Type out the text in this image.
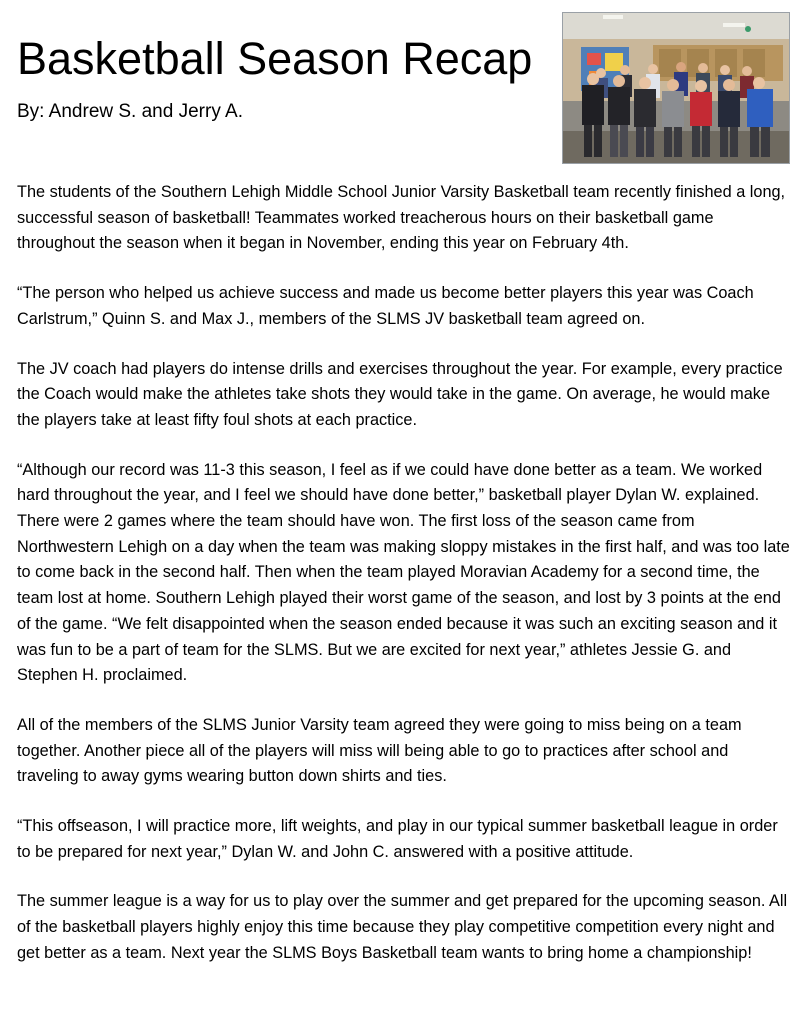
Basketball Season Recap

By: Andrew S. and Jerry A.

The students of the Southern Lehigh Middle School Junior Varsity Basketball team recently finished a long, successful season of basketball! Teammates worked treacherous hours on their basketball game throughout the season when it began in November, ending this year on February 4th.

“The person who helped us achieve success and made us become better players this year was Coach Carlstrum,” Quinn S. and Max J., members of the SLMS JV basketball team agreed on.

The JV coach had players do intense drills and exercises throughout the year. For example, every practice the Coach would make the athletes take shots they would take in the game. On average, he would make the players take at least fifty foul shots at each practice.

“Although our record was 11-3 this season, I feel as if we could have done better as a team. We worked hard throughout the year, and I feel we should have done better,” basketball player Dylan W. explained. There were 2 games where the team should have won. The first loss of the season came from Northwestern Lehigh on a day when the team was making sloppy mistakes in the first half, and was too late to come back in the second half. Then when the team played Moravian Academy for a second time, the team lost at home. Southern Lehigh played their worst game of the season, and lost by 3 points at the end of the game. “We felt disappointed when the season ended because it was such an exciting season and it was fun to be a part of team for the SLMS. But we are excited for next year,” athletes Jessie G. and Stephen H. proclaimed.

All of the members of the SLMS Junior Varsity team agreed they were going to miss being on a team together. Another piece all of the players will miss will being able to go to practices after school and traveling to away gyms wearing button down shirts and ties.

“This offseason, I will practice more, lift weights, and play in our typical summer basketball league in order to be prepared for next year,” Dylan W. and John C. answered with a positive attitude.

The summer league is a way for us to play over the summer and get prepared for the upcoming season. All of the basketball players highly enjoy this time because they play competitive competition every night and get better as a team. Next year the SLMS Boys Basketball team wants to bring home a championship!
